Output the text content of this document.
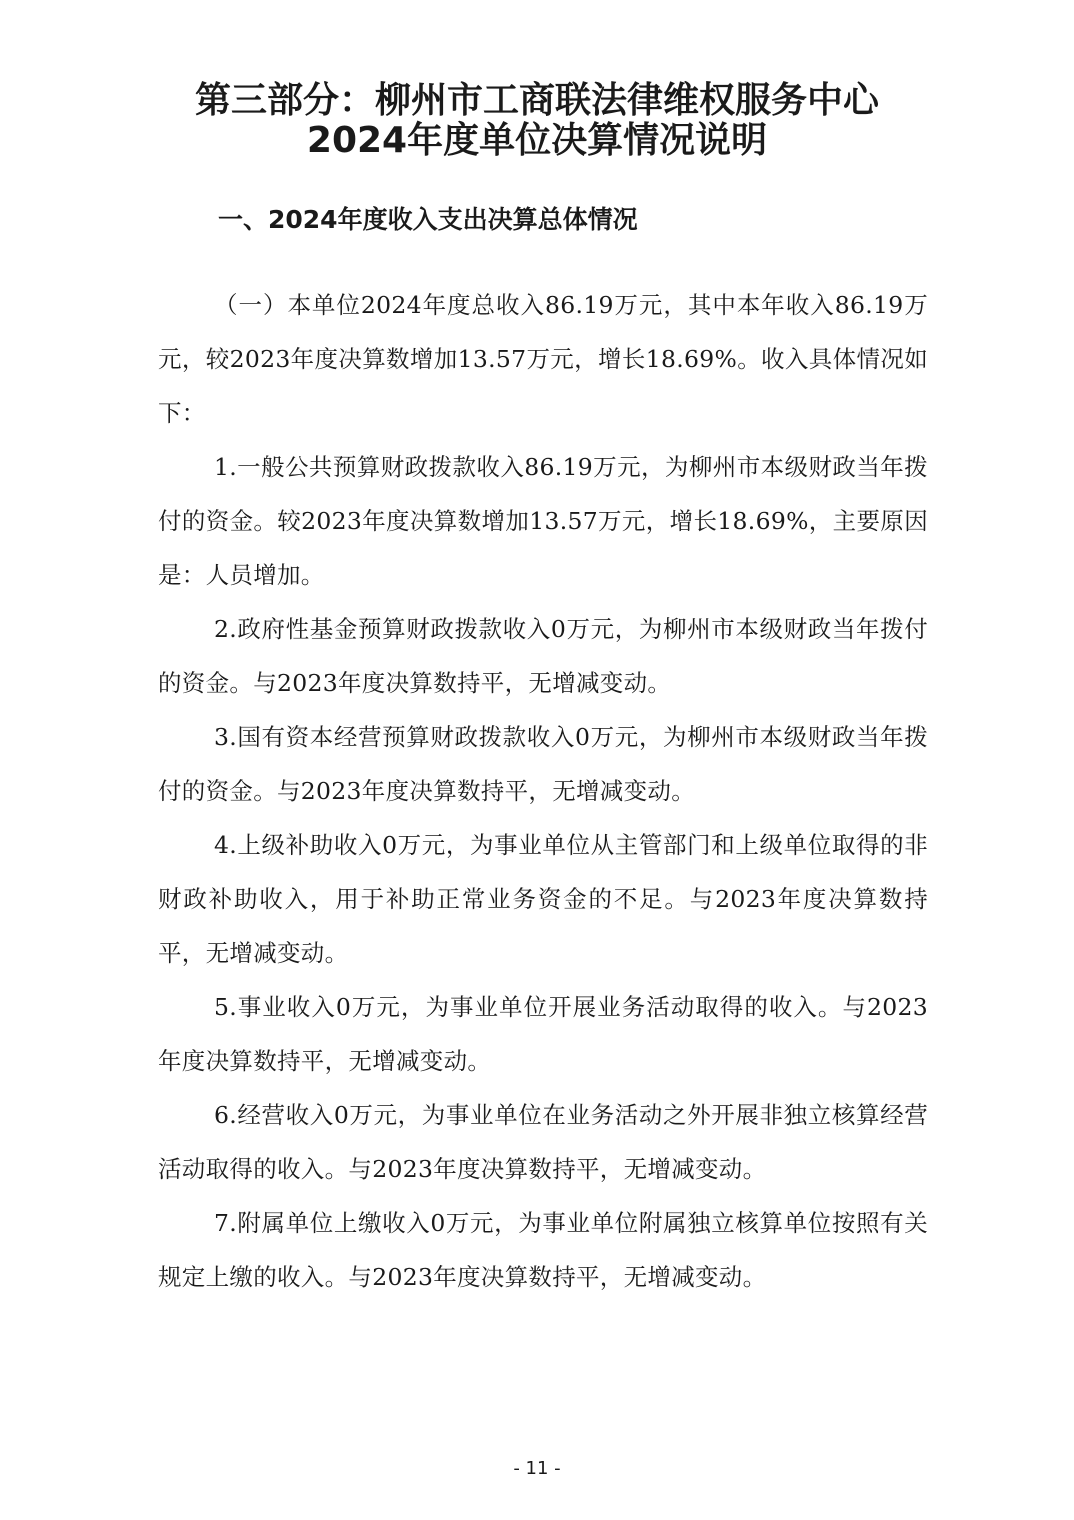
第三部分：柳州市工商联法律维权服务中心
2024年度单位决算情况说明
一、2024年度收入支出决算总体情况

（一）本单位2024年度总收入86.19万元，其中本年收入86.19万元，较2023年度决算数增加13.57万元，增长18.69%。收入具体情况如下：

1.一般公共预算财政拨款收入86.19万元，为柳州市本级财政当年拨付的资金。较2023年度决算数增加13.57万元，增长18.69%，主要原因是：人员增加。

2.政府性基金预算财政拨款收入0万元，为柳州市本级财政当年拨付的资金。与2023年度决算数持平，无增减变动。

3.国有资本经营预算财政拨款收入0万元，为柳州市本级财政当年拨付的资金。与2023年度决算数持平，无增减变动。

4.上级补助收入0万元，为事业单位从主管部门和上级单位取得的非财政补助收入，用于补助正常业务资金的不足。与2023年度决算数持平，无增减变动。

5.事业收入0万元，为事业单位开展业务活动取得的收入。与2023年度决算数持平，无增减变动。

6.经营收入0万元，为事业单位在业务活动之外开展非独立核算经营活动取得的收入。与2023年度决算数持平，无增减变动。

7.附属单位上缴收入0万元，为事业单位附属独立核算单位按照有关规定上缴的收入。与2023年度决算数持平，无增减变动。

- 11 -
